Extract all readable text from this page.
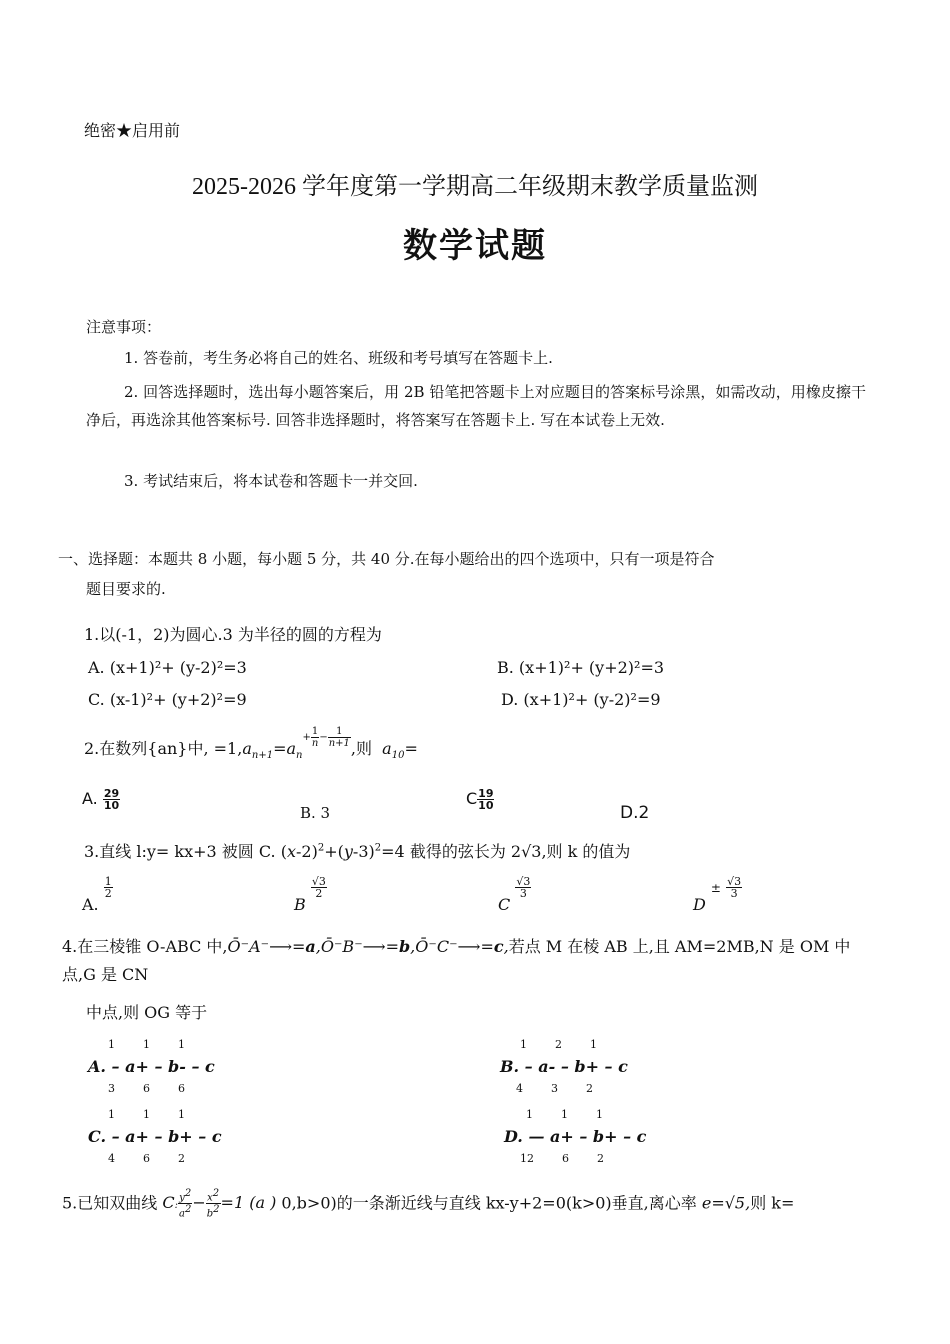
绝密★启用前
2025-2026 学年度第一学期高二年级期末教学质量监测
数学试题
注意事项：
1. 答卷前，考生务必将自己的姓名、班级和考号填写在答题卡上.
2. 回答选择题时，选出每小题答案后，用 2B 铅笔把答题卡上对应题目的答案标号涂黑，如需改动，用橡皮擦干净后，再选涂其他答案标号. 回答非选择题时，将答案写在答题卡上. 写在本试卷上无效.
3. 考试结束后，将本试卷和答题卡一并交回.
一、选择题：本题共 8 小题，每小题 5 分，共 40 分.在每小题给出的四个选项中，只有一项是符合
题目要求的.
1.以(-1，2)为圆心.3 为半径的圆的方程为
A. (x+1)²+ (y-2)²=3	B. (x+1)²+ (y+2)²=3
C. (x-1)²+ (y+2)²=9	D. (x+1)²+ (y-2)²=9
2.在数列{an}中, $=1,a_{n+1}=a_n+ \frac{1}{n} - \frac{1}{n+1}$ ,则 $a_{10}=$
A. $\frac{29}{10}$
B. 3
C $\frac{19}{10}$
D.2
3.直线 l:y= kx+3 被圆 C. $(x-2)^2+(y-3)^2=4$ 截得的弦长为 2√3,则 k 的值为
A.
$\frac{1}{2}$
B
$\frac{√3}{2}$
C
$\frac{√3}{3}$
$D \pm \frac{√3}{3}$
4.在三棱锥 O-ABC 中,Ō⁻A⁻⟶=a,Ō⁻B⁻⟶=b,Ō⁻C⁻⟶=c,若点 M 在棱 AB 上,且 AM=2MB,N 是 OM 中
点,G 是 CN
中点,则 OG 等于
1        1        1
A. – a+ – b- – c
3        6        6
1        2        1
B. – a- – b+ – c
4        3        2
1        1        1
C. – a+ – b+ – c
4        6        2
1        1        1
D. — a+ – b+ – c
12        6        2
5.已知双曲线 C: $\frac{y^2}{a^2} - \frac{x^2}{b^2} =1$ (a ) 0,b>0)的一条渐近线与直线 kx-y+2=0(k>0)垂直,离心率 e=√5,则 k=
